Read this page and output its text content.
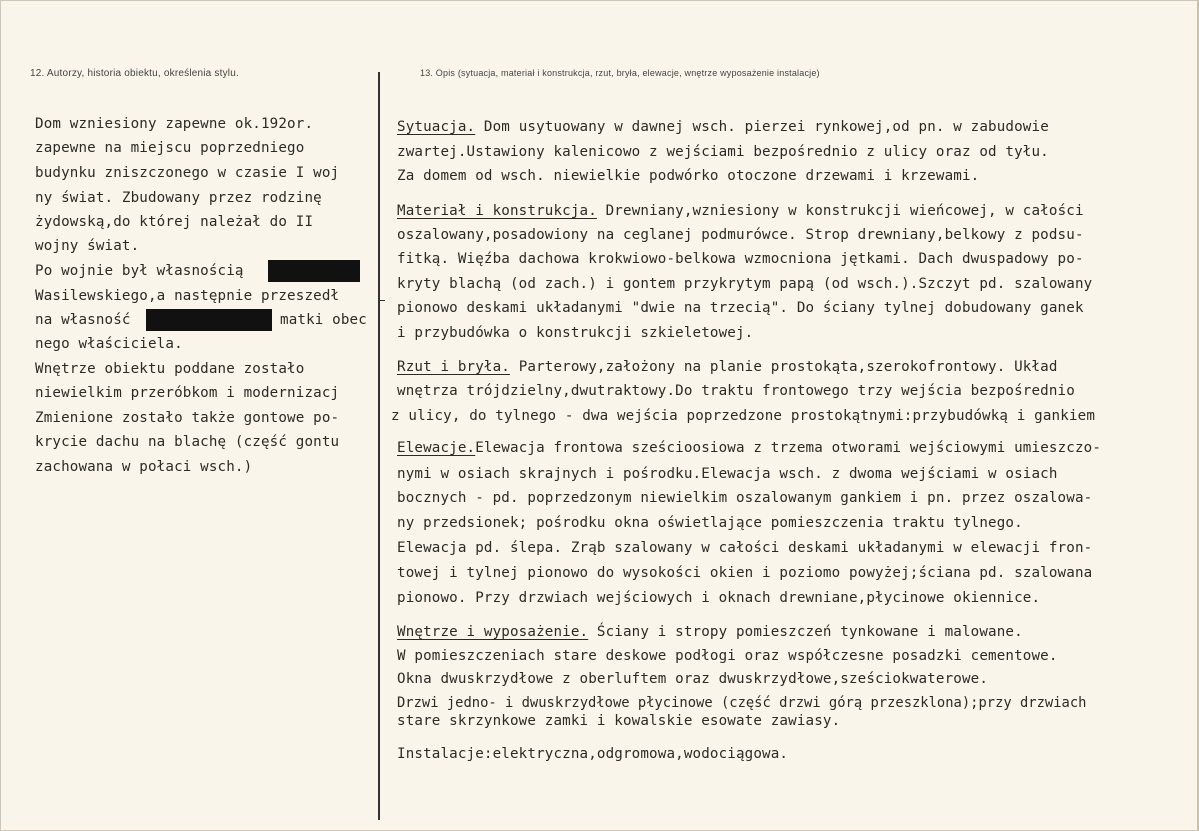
12. Autorzy, historia obiektu, określenia stylu.	13. Opis (sytuacja, materiał i konstrukcja, rzut, bryła, elewacje, wnętrze wyposażenie instalacje)
Dom wzniesiony zapewne ok.192or.
zapewne na miejscu poprzedniego
budynku zniszczonego w czasie I woj
ny świat. Zbudowany przez rodzinę
żydowską,do której należał do II
wojny świat.
Po wojnie był własnością
Wasilewskiego,a następnie przeszedł
na własność	matki obec
nego właściciela.
Wnętrze obiektu poddane zostało
niewielkim przeróbkom i modernizacj
Zmienione zostało także gontowe po-
krycie dachu na blachę (część gontu
zachowana w połaci wsch.)
Sytuacja. Dom usytuowany w dawnej wsch. pierzei rynkowej,od pn. w zabudowie
zwartej.Ustawiony kalenicowo z wejściami bezpośrednio z ulicy oraz od tyłu.
Za domem od wsch. niewielkie podwórko otoczone drzewami i krzewami.
Materiał i konstrukcja. Drewniany,wzniesiony w konstrukcji wieńcowej, w całości
oszalowany,posadowiony na ceglanej podmurówce. Strop drewniany,belkowy z podsu-
fitką. Więźba dachowa krokwiowo-belkowa wzmocniona jętkami. Dach dwuspadowy po-
kryty blachą (od zach.) i gontem przykrytym papą (od wsch.).Szczyt pd. szalowany
pionowo deskami układanymi "dwie na trzecią". Do ściany tylnej dobudowany ganek
i przybudówka o konstrukcji szkieletowej.
Rzut i bryła. Parterowy,założony na planie prostokąta,szerokofrontowy. Układ
wnętrza trójdzielny,dwutraktowy.Do traktu frontowego trzy wejścia bezpośrednio
z ulicy, do tylnego - dwa wejścia poprzedzone prostokątnymi:przybudówką i gankiem
Elewacje.Elewacja frontowa sześcioosiowa z trzema otworami wejściowymi umieszczo-
nymi w osiach skrajnych i pośrodku.Elewacja wsch. z dwoma wejściami w osiach
bocznych - pd. poprzedzonym niewielkim oszalowanym gankiem i pn. przez oszalowa-
ny przedsionek; pośrodku okna oświetlające pomieszczenia traktu tylnego.
Elewacja pd. ślepa. Zrąb szalowany w całości deskami układanymi w elewacji fron-
towej i tylnej pionowo do wysokości okien i poziomo powyżej;ściana pd. szalowana
pionowo. Przy drzwiach wejściowych i oknach drewniane,płycinowe okiennice.
Wnętrze i wyposażenie. Ściany i stropy pomieszczeń tynkowane i malowane.
W pomieszczeniach stare deskowe podłogi oraz współczesne posadzki cementowe.
Okna dwuskrzydłowe z oberluftem oraz dwuskrzydłowe,sześciokwaterowe.
Drzwi jedno- i dwuskrzydłowe płycinowe (część drzwi górą przeszklona);przy drzwiach
stare skrzynkowe zamki i kowalskie esowate zawiasy.
Instalacje:elektryczna,odgromowa,wodociągowa.
